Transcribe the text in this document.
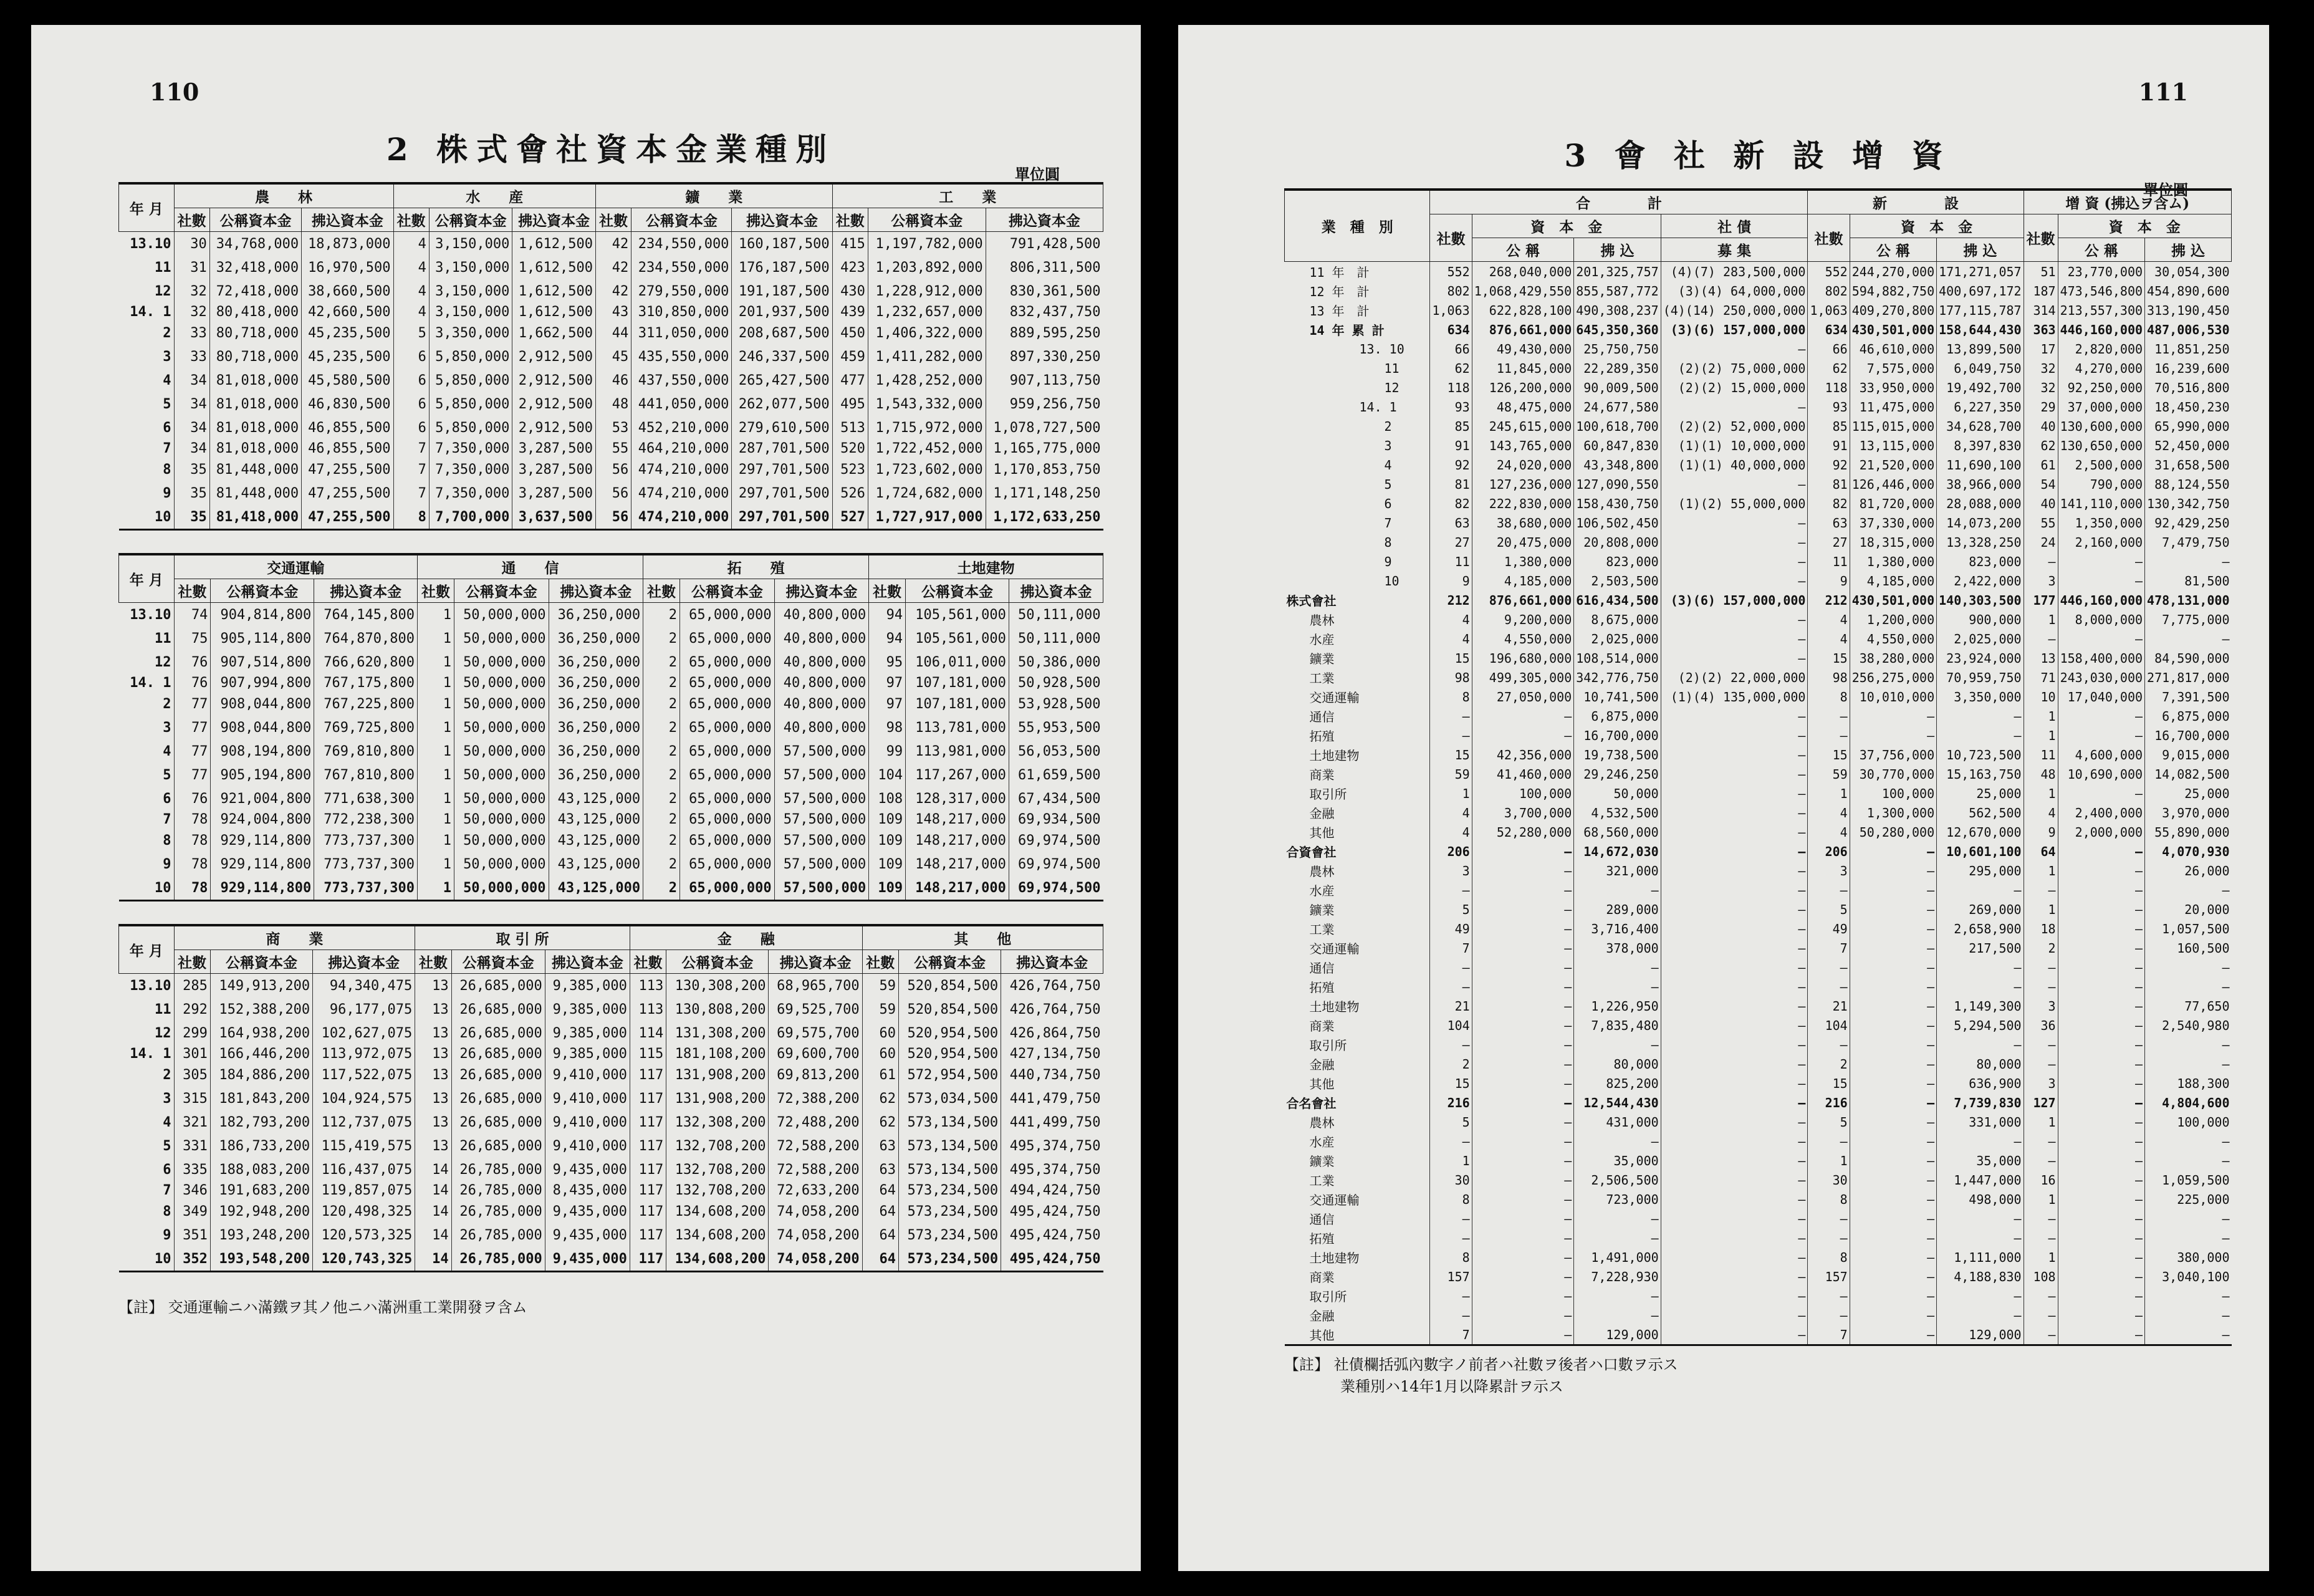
110
單位圓
2 株式會社資本金業種別
年 月	農　　林			水　　産			鑛　　業			工　　業		
	社數	公稱資本金	拂込資本金	社數	公稱資本金	拂込資本金	社數	公稱資本金	拂込資本金	社數	公稱資本金	拂込資本金
13.10	30	34,768,000	18,873,000	4	3,150,000	1,612,500	42	234,550,000	160,187,500	415	1,197,782,000	791,428,500
11	31	32,418,000	16,970,500	4	3,150,000	1,612,500	42	234,550,000	176,187,500	423	1,203,892,000	806,311,500
12	32	72,418,000	38,660,500	4	3,150,000	1,612,500	42	279,550,000	191,187,500	430	1,228,912,000	830,361,500
14. 1	32	80,418,000	42,660,500	4	3,150,000	1,612,500	43	310,850,000	201,937,500	439	1,232,657,000	832,437,750
2	33	80,718,000	45,235,500	5	3,350,000	1,662,500	44	311,050,000	208,687,500	450	1,406,322,000	889,595,250
3	33	80,718,000	45,235,500	6	5,850,000	2,912,500	45	435,550,000	246,337,500	459	1,411,282,000	897,330,250
4	34	81,018,000	45,580,500	6	5,850,000	2,912,500	46	437,550,000	265,427,500	477	1,428,252,000	907,113,750
5	34	81,018,000	46,830,500	6	5,850,000	2,912,500	48	441,050,000	262,077,500	495	1,543,332,000	959,256,750
6	34	81,018,000	46,855,500	6	5,850,000	2,912,500	53	452,210,000	279,610,500	513	1,715,972,000	1,078,727,500
7	34	81,018,000	46,855,500	7	7,350,000	3,287,500	55	464,210,000	287,701,500	520	1,722,452,000	1,165,775,000
8	35	81,448,000	47,255,500	7	7,350,000	3,287,500	56	474,210,000	297,701,500	523	1,723,602,000	1,170,853,750
9	35	81,448,000	47,255,500	7	7,350,000	3,287,500	56	474,210,000	297,701,500	526	1,724,682,000	1,171,148,250
10	35	81,418,000	47,255,500	8	7,700,000	3,637,500	56	474,210,000	297,701,500	527	1,727,917,000	1,172,633,250
年 月	交通運輸			通　　信			拓　　殖			土地建物		
	社數	公稱資本金	拂込資本金	社數	公稱資本金	拂込資本金	社數	公稱資本金	拂込資本金	社數	公稱資本金	拂込資本金
13.10	74	904,814,800	764,145,800	1	50,000,000	36,250,000	2	65,000,000	40,800,000	94	105,561,000	50,111,000
11	75	905,114,800	764,870,800	1	50,000,000	36,250,000	2	65,000,000	40,800,000	94	105,561,000	50,111,000
12	76	907,514,800	766,620,800	1	50,000,000	36,250,000	2	65,000,000	40,800,000	95	106,011,000	50,386,000
14. 1	76	907,994,800	767,175,800	1	50,000,000	36,250,000	2	65,000,000	40,800,000	97	107,181,000	50,928,500
2	77	908,044,800	767,225,800	1	50,000,000	36,250,000	2	65,000,000	40,800,000	97	107,181,000	53,928,500
3	77	908,044,800	769,725,800	1	50,000,000	36,250,000	2	65,000,000	40,800,000	98	113,781,000	55,953,500
4	77	908,194,800	769,810,800	1	50,000,000	36,250,000	2	65,000,000	57,500,000	99	113,981,000	56,053,500
5	77	905,194,800	767,810,800	1	50,000,000	36,250,000	2	65,000,000	57,500,000	104	117,267,000	61,659,500
6	76	921,004,800	771,638,300	1	50,000,000	43,125,000	2	65,000,000	57,500,000	108	128,317,000	67,434,500
7	78	924,004,800	772,238,300	1	50,000,000	43,125,000	2	65,000,000	57,500,000	109	148,217,000	69,934,500
8	78	929,114,800	773,737,300	1	50,000,000	43,125,000	2	65,000,000	57,500,000	109	148,217,000	69,974,500
9	78	929,114,800	773,737,300	1	50,000,000	43,125,000	2	65,000,000	57,500,000	109	148,217,000	69,974,500
10	78	929,114,800	773,737,300	1	50,000,000	43,125,000	2	65,000,000	57,500,000	109	148,217,000	69,974,500
年 月	商　　業			取 引 所			金　　融			其　　他		
	社數	公稱資本金	拂込資本金	社數	公稱資本金	拂込資本金	社數	公稱資本金	拂込資本金	社數	公稱資本金	拂込資本金
13.10	285	149,913,200	94,340,475	13	26,685,000	9,385,000	113	130,308,200	68,965,700	59	520,854,500	426,764,750
11	292	152,388,200	96,177,075	13	26,685,000	9,385,000	113	130,808,200	69,525,700	59	520,854,500	426,764,750
12	299	164,938,200	102,627,075	13	26,685,000	9,385,000	114	131,308,200	69,575,700	60	520,954,500	426,864,750
14. 1	301	166,446,200	113,972,075	13	26,685,000	9,385,000	115	181,108,200	69,600,700	60	520,954,500	427,134,750
2	305	184,886,200	117,522,075	13	26,685,000	9,410,000	117	131,908,200	69,813,200	61	572,954,500	440,734,750
3	315	181,843,200	104,924,575	13	26,685,000	9,410,000	117	131,908,200	72,388,200	62	573,034,500	441,479,750
4	321	182,793,200	112,737,075	13	26,685,000	9,410,000	117	132,308,200	72,488,200	62	573,134,500	441,499,750
5	331	186,733,200	115,419,575	13	26,685,000	9,410,000	117	132,708,200	72,588,200	63	573,134,500	495,374,750
6	335	188,083,200	116,437,075	14	26,785,000	9,435,000	117	132,708,200	72,588,200	63	573,134,500	495,374,750
7	346	191,683,200	119,857,075	14	26,785,000	8,435,000	117	132,708,200	72,633,200	64	573,234,500	494,424,750
8	349	192,948,200	120,498,325	14	26,785,000	9,435,000	117	134,608,200	74,058,200	64	573,234,500	495,424,750
9	351	193,248,200	120,573,325	14	26,785,000	9,435,000	117	134,608,200	74,058,200	64	573,234,500	495,424,750
10	352	193,548,200	120,743,325	14	26,785,000	9,435,000	117	134,608,200	74,058,200	64	573,234,500	495,424,750
【註】 交通運輸ニハ滿鐵ヲ其ノ他ニハ滿洲重工業開發ヲ含ム
111
3 會 社 新 設 增 資
單位圓
業　種　別	合　　　　計				新　　　　設			增 資 (拂込ヲ含ム)		
	社數	資　本　金		社 債	社數	資　本　金		社數	資　本　金	
		公 稱	拂 込	募 集		公 稱	拂 込		公 稱	拂 込
11 年　計	552	268,040,000	201,325,757	(4)(7) 283,500,000	552	244,270,000	171,271,057	51	23,770,000	30,054,300
12 年　計	802	1,068,429,550	855,587,772	(3)(4) 64,000,000	802	594,882,750	400,697,172	187	473,546,800	454,890,600
13 年　計	1,063	622,828,100	490,308,237	(4)(14) 250,000,000	1,063	409,270,800	177,115,787	314	213,557,300	313,190,450
14 年 累 計	634	876,661,000	645,350,360	(3)(6) 157,000,000	634	430,501,000	158,644,430	363	446,160,000	487,006,530
13. 10	66	49,430,000	25,750,750	—	66	46,610,000	13,899,500	17	2,820,000	11,851,250
11	62	11,845,000	22,289,350	(2)(2) 75,000,000	62	7,575,000	6,049,750	32	4,270,000	16,239,600
12	118	126,200,000	90,009,500	(2)(2) 15,000,000	118	33,950,000	19,492,700	32	92,250,000	70,516,800
14. 1	93	48,475,000	24,677,580	—	93	11,475,000	6,227,350	29	37,000,000	18,450,230
2	85	245,615,000	100,618,700	(2)(2) 52,000,000	85	115,015,000	34,628,700	40	130,600,000	65,990,000
3	91	143,765,000	60,847,830	(1)(1) 10,000,000	91	13,115,000	8,397,830	62	130,650,000	52,450,000
4	92	24,020,000	43,348,800	(1)(1) 40,000,000	92	21,520,000	11,690,100	61	2,500,000	31,658,500
5	81	127,236,000	127,090,550	—	81	126,446,000	38,966,000	54	790,000	88,124,550
6	82	222,830,000	158,430,750	(1)(2) 55,000,000	82	81,720,000	28,088,000	40	141,110,000	130,342,750
7	63	38,680,000	106,502,450	—	63	37,330,000	14,073,200	55	1,350,000	92,429,250
8	27	20,475,000	20,808,000	—	27	18,315,000	13,328,250	24	2,160,000	7,479,750
9	11	1,380,000	823,000	—	11	1,380,000	823,000	—	—	—
10	9	4,185,000	2,503,500	—	9	4,185,000	2,422,000	3	—	81,500
株式會社	212	876,661,000	616,434,500	(3)(6) 157,000,000	212	430,501,000	140,303,500	177	446,160,000	478,131,000
農林	4	9,200,000	8,675,000	—	4	1,200,000	900,000	1	8,000,000	7,775,000
水産	4	4,550,000	2,025,000	—	4	4,550,000	2,025,000	—	—	—
鑛業	15	196,680,000	108,514,000	—	15	38,280,000	23,924,000	13	158,400,000	84,590,000
工業	98	499,305,000	342,776,750	(2)(2) 22,000,000	98	256,275,000	70,959,750	71	243,030,000	271,817,000
交通運輸	8	27,050,000	10,741,500	(1)(4) 135,000,000	8	10,010,000	3,350,000	10	17,040,000	7,391,500
通信	—	—	6,875,000	—	—	—	—	1	—	6,875,000
拓殖	—	—	16,700,000	—	—	—	—	1	—	16,700,000
土地建物	15	42,356,000	19,738,500	—	15	37,756,000	10,723,500	11	4,600,000	9,015,000
商業	59	41,460,000	29,246,250	—	59	30,770,000	15,163,750	48	10,690,000	14,082,500
取引所	1	100,000	50,000	—	1	100,000	25,000	1	—	25,000
金融	4	3,700,000	4,532,500	—	4	1,300,000	562,500	4	2,400,000	3,970,000
其他	4	52,280,000	68,560,000	—	4	50,280,000	12,670,000	9	2,000,000	55,890,000
合資會社	206	—	14,672,030	—	206	—	10,601,100	64	—	4,070,930
農林	3	—	321,000	—	3	—	295,000	1	—	26,000
水産	—	—	—	—	—	—	—	—	—	—
鑛業	5	—	289,000	—	5	—	269,000	1	—	20,000
工業	49	—	3,716,400	—	49	—	2,658,900	18	—	1,057,500
交通運輸	7	—	378,000	—	7	—	217,500	2	—	160,500
通信	—	—	—	—	—	—	—	—	—	—
拓殖	—	—	—	—	—	—	—	—	—	—
土地建物	21	—	1,226,950	—	21	—	1,149,300	3	—	77,650
商業	104	—	7,835,480	—	104	—	5,294,500	36	—	2,540,980
取引所	—	—	—	—	—	—	—	—	—	—
金融	2	—	80,000	—	2	—	80,000	—	—	—
其他	15	—	825,200	—	15	—	636,900	3	—	188,300
合名會社	216	—	12,544,430	—	216	—	7,739,830	127	—	4,804,600
農林	5	—	431,000	—	5	—	331,000	1	—	100,000
水産	—	—	—	—	—	—	—	—	—	—
鑛業	1	—	35,000	—	1	—	35,000	—	—	—
工業	30	—	2,506,500	—	30	—	1,447,000	16	—	1,059,500
交通運輸	8	—	723,000	—	8	—	498,000	1	—	225,000
通信	—	—	—	—	—	—	—	—	—	—
拓殖	—	—	—	—	—	—	—	—	—	—
土地建物	8	—	1,491,000	—	8	—	1,111,000	1	—	380,000
商業	157	—	7,228,930	—	157	—	4,188,830	108	—	3,040,100
取引所	—	—	—	—	—	—	—	—	—	—
金融	—	—	—	—	—	—	—	—	—	—
其他	7	—	129,000	—	7	—	129,000	—	—	—
【註】 社債欄括弧內數字ノ前者ハ社數ヲ後者ハ口數ヲ示ス
業種別ハ14年1月以降累計ヲ示ス
